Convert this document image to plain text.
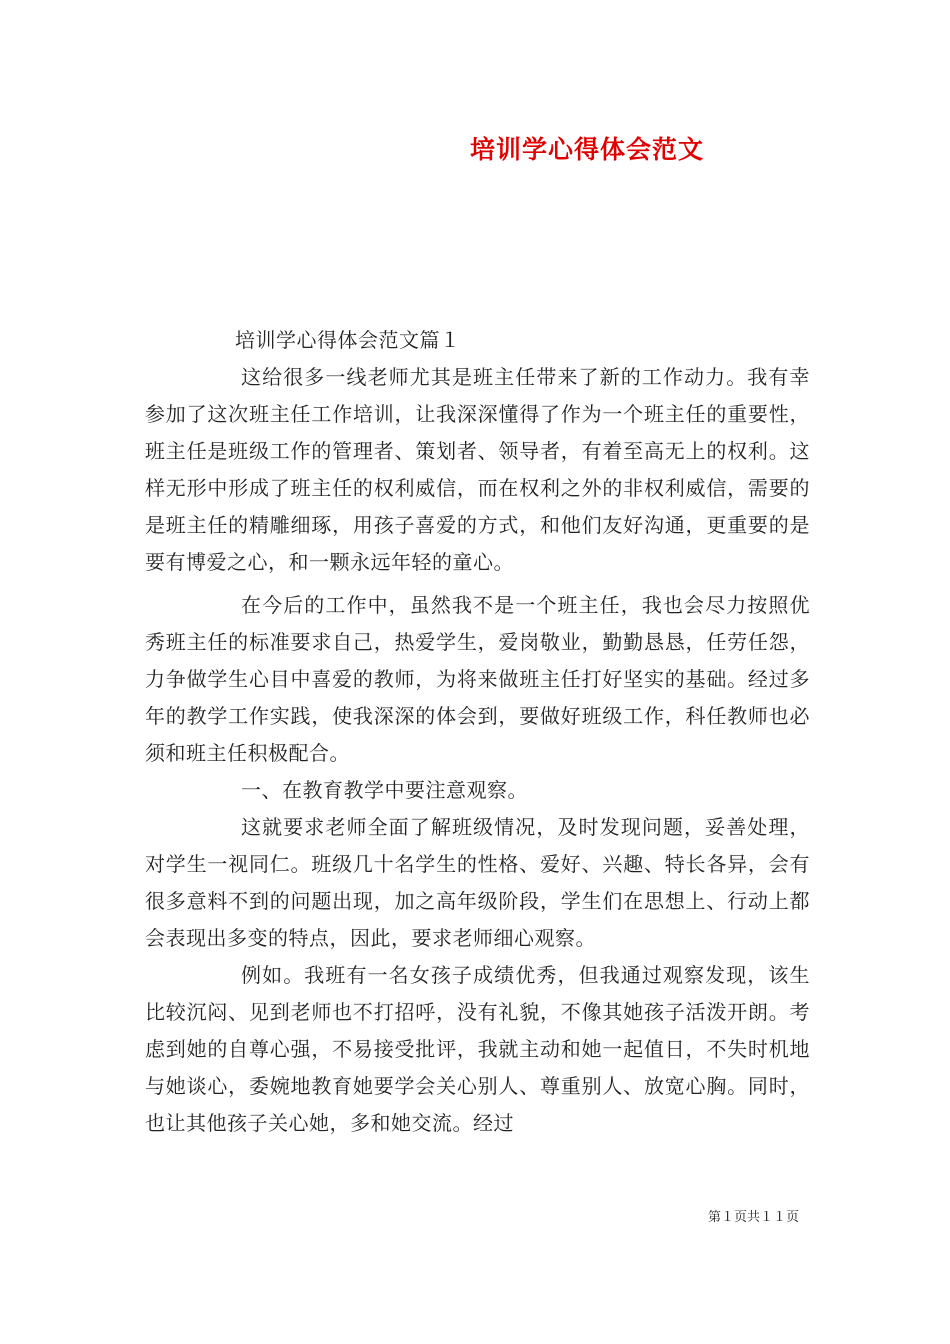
培训学心得体会范文

培训学心得体会范文篇１

这给很多一线老师尤其是班主任带来了新的工作动力。我有幸参加了这次班主任工作培训，让我深深懂得了作为一个班主任的重要性，班主任是班级工作的管理者、策划者、领导者，有着至高无上的权利。这样无形中形成了班主任的权利威信，而在权利之外的非权利威信，需要的是班主任的精雕细琢，用孩子喜爱的方式，和他们友好沟通，更重要的是要有博爱之心，和一颗永远年轻的童心。

在今后的工作中，虽然我不是一个班主任，我也会尽力按照优秀班主任的标准要求自己，热爱学生，爱岗敬业，勤勤恳恳，任劳任怨，力争做学生心目中喜爱的教师，为将来做班主任打好坚实的基础。经过多年的教学工作实践，使我深深的体会到，要做好班级工作，科任教师也必须和班主任积极配合。

一、在教育教学中要注意观察。

这就要求老师全面了解班级情况，及时发现问题，妥善处理，对学生一视同仁。班级几十名学生的性格、爱好、兴趣、特长各异，会有很多意料不到的问题出现，加之高年级阶段，学生们在思想上、行动上都会表现出多变的特点，因此，要求老师细心观察。

例如。我班有一名女孩子成绩优秀，但我通过观察发现，该生比较沉闷、见到老师也不打招呼，没有礼貌，不像其她孩子活泼开朗。考虑到她的自尊心强，不易接受批评，我就主动和她一起值日，不失时机地与她谈心，委婉地教育她要学会关心别人、尊重别人、放宽心胸。同时，也让其他孩子关心她，多和她交流。经过

第１页共１１页
